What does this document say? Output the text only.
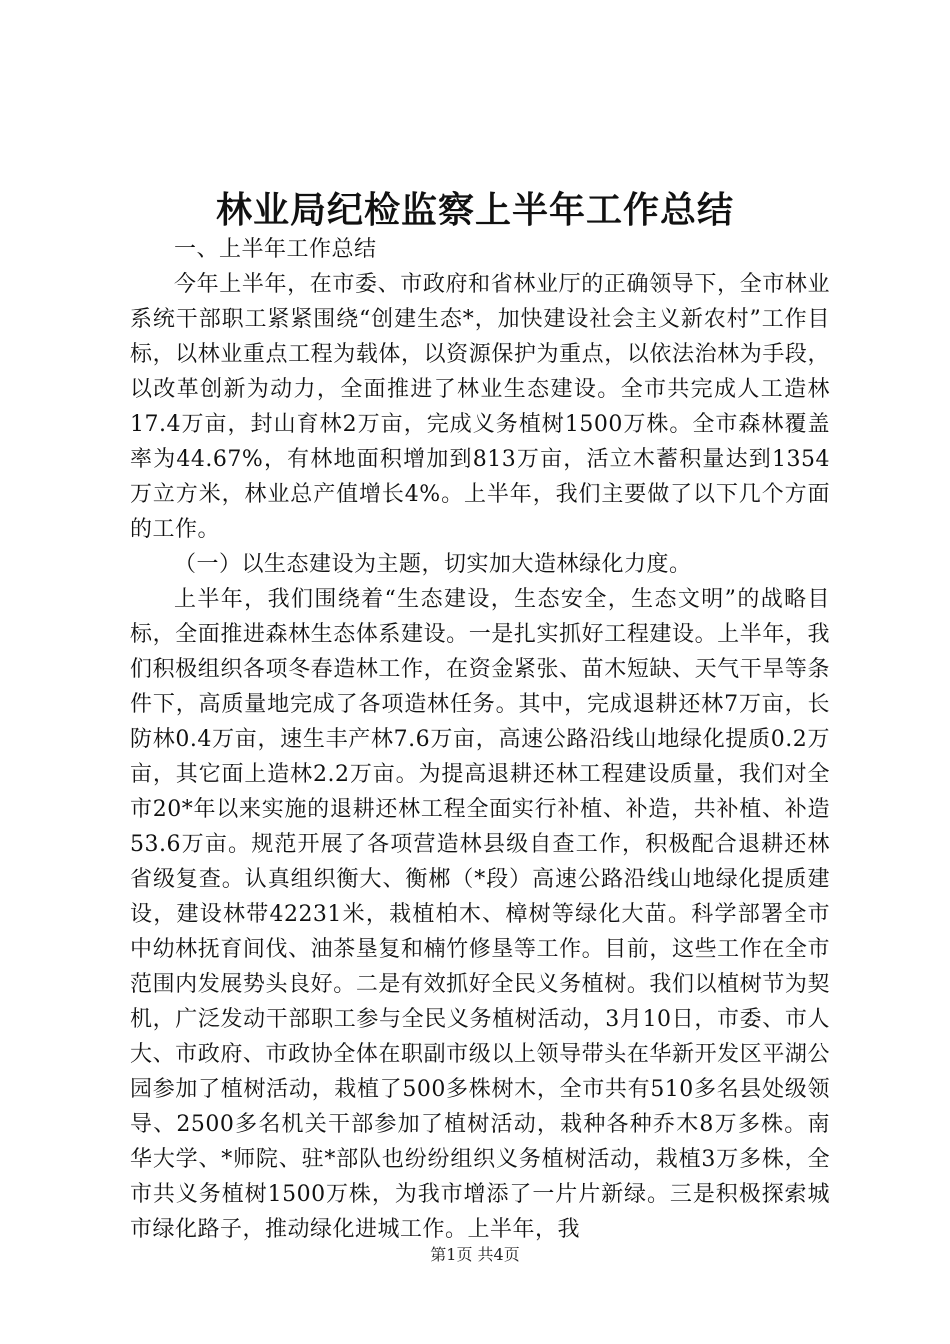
林业局纪检监察上半年工作总结

一、上半年工作总结

今年上半年，在市委、市政府和省林业厅的正确领导下，全市林业系统干部职工紧紧围绕“创建生态*，加快建设社会主义新农村”工作目标，以林业重点工程为载体，以资源保护为重点，以依法治林为手段，以改革创新为动力，全面推进了林业生态建设。全市共完成人工造林17.4万亩，封山育林2万亩，完成义务植树1500万株。全市森林覆盖率为44.67%，有林地面积增加到813万亩，活立木蓄积量达到1354万立方米，林业总产值增长4%。上半年，我们主要做了以下几个方面的工作。

（一）以生态建设为主题，切实加大造林绿化力度。

上半年，我们围绕着“生态建设，生态安全，生态文明”的战略目标，全面推进森林生态体系建设。一是扎实抓好工程建设。上半年，我们积极组织各项冬春造林工作，在资金紧张、苗木短缺、天气干旱等条件下，高质量地完成了各项造林任务。其中，完成退耕还林7万亩，长防林0.4万亩，速生丰产林7.6万亩，高速公路沿线山地绿化提质0.2万亩，其它面上造林2.2万亩。为提高退耕还林工程建设质量，我们对全市20*年以来实施的退耕还林工程全面实行补植、补造，共补植、补造53.6万亩。规范开展了各项营造林县级自查工作，积极配合退耕还林省级复查。认真组织衡大、衡郴（*段）高速公路沿线山地绿化提质建设，建设林带42231米，栽植柏木、樟树等绿化大苗。科学部署全市中幼林抚育间伐、油茶垦复和楠竹修垦等工作。目前，这些工作在全市范围内发展势头良好。二是有效抓好全民义务植树。我们以植树节为契机，广泛发动干部职工参与全民义务植树活动，3月10日，市委、市人大、市政府、市政协全体在职副市级以上领导带头在华新开发区平湖公园参加了植树活动，栽植了500多株树木，全市共有510多名县处级领导、2500多名机关干部参加了植树活动，栽种各种乔木8万多株。南华大学、*师院、驻*部队也纷纷组织义务植树活动，栽植3万多株，全市共义务植树1500万株，为我市增添了一片片新绿。三是积极探索城市绿化路子，推动绿化进城工作。上半年，我

第1页 共4页
